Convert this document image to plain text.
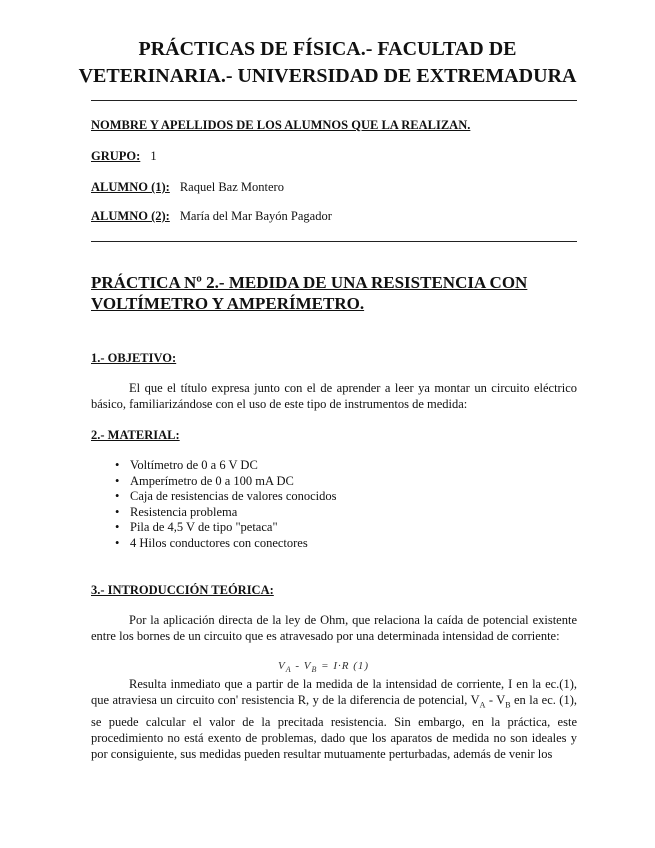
PRÁCTICAS DE FÍSICA.- FACULTAD DE
VETERINARIA.- UNIVERSIDAD DE EXTREMADURA
NOMBRE Y APELLIDOS DE LOS ALUMNOS QUE LA REALIZAN.
GRUPO: 1
ALUMNO (1): Raquel Baz Montero
ALUMNO (2): María del Mar Bayón Pagador
PRÁCTICA Nº 2.- MEDIDA DE UNA RESISTENCIA CON
VOLTÍMETRO Y AMPERÍMETRO.
1.- OBJETIVO:
El que el título expresa junto con el de aprender a leer ya montar un circuito eléctrico básico, familiarizándose con el uso de este tipo de instrumentos de medida:
2.- MATERIAL:
• Voltímetro de 0 a 6 V DC
• Amperímetro de 0 a 100 mA DC
• Caja de resistencias de valores conocidos
• Resistencia problema
• Pila de 4,5 V de tipo "petaca"
• 4 Hilos conductores con conectores
3.- INTRODUCCIÓN TEÓRICA:
Por la aplicación directa de la ley de Ohm, que relaciona la caída de potencial existente entre los bornes de un circuito que es atravesado por una determinada intensidad de corriente:
$V_A - V_B = I\cdot R$ (1)
Resulta inmediato que a partir de la medida de la intensidad de corriente, I en la ec.(1), que atraviesa un circuito con' resistencia R, y de la diferencia de potencial, $V_A - V_B$ en la ec. (1), se puede calcular el valor de la precitada resistencia. Sin embargo, en la práctica, este procedimiento no está exento de problemas, dado que los aparatos de medida no son ideales y por consiguiente, sus medidas pueden resultar mutuamente perturbadas, además de venir los
